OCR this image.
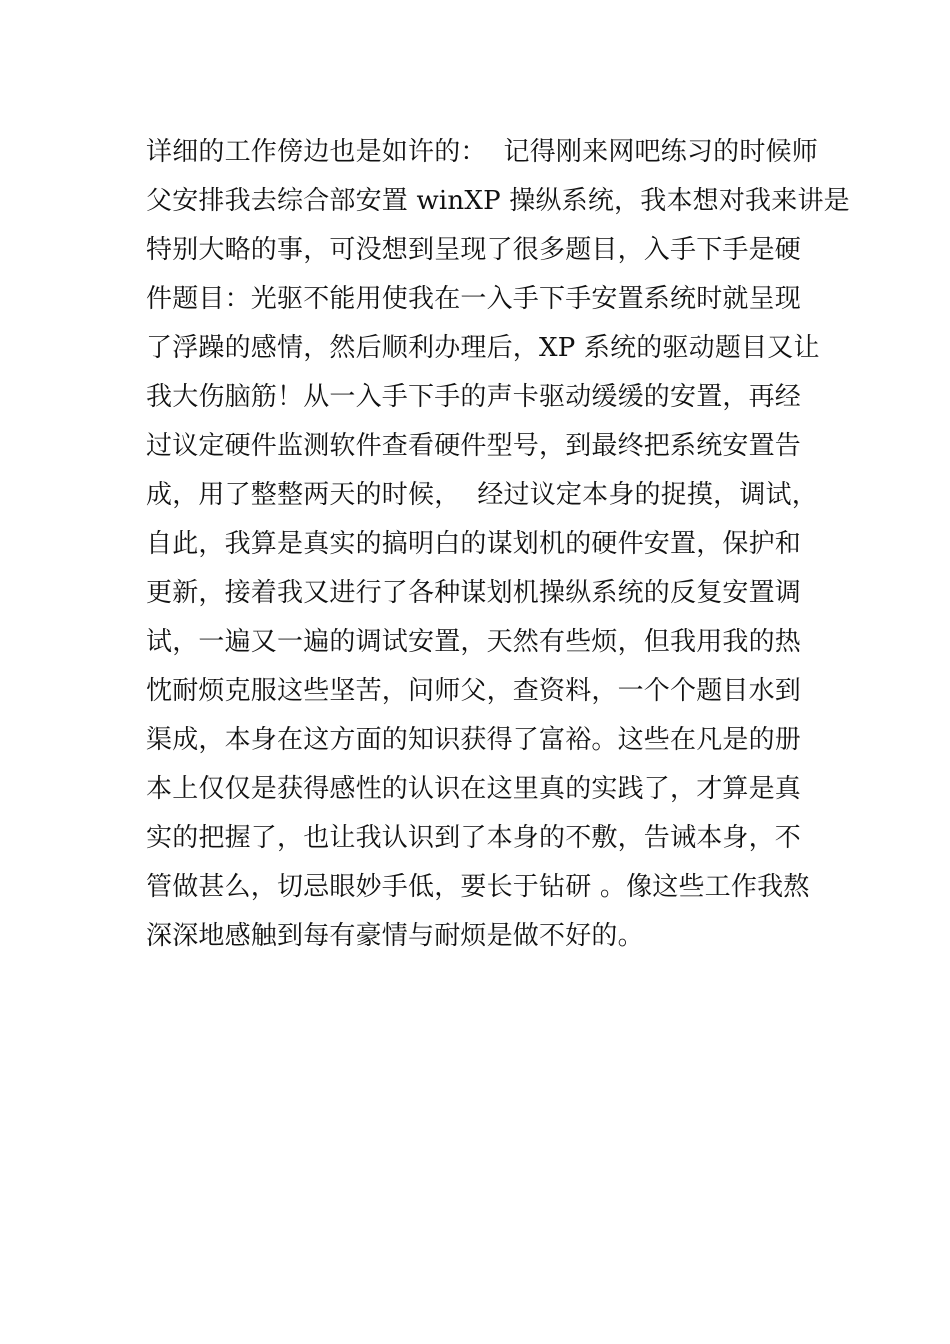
详细的工作傍边也是如许的：  记得刚来网吧练习的时候师
父安排我去综合部安置 winXP 操纵系统，我本想对我来讲是
特别大略的事，可没想到呈现了很多题目，入手下手是硬
件题目：光驱不能用使我在一入手下手安置系统时就呈现
了浮躁的感情，然后顺利办理后，XP 系统的驱动题目又让
我大伤脑筋！从一入手下手的声卡驱动缓缓的安置，再经
过议定硬件监测软件查看硬件型号，到最终把系统安置告
成，用了整整两天的时候，  经过议定本身的捉摸，调试，
自此，我算是真实的搞明白的谋划机的硬件安置，保护和
更新，接着我又进行了各种谋划机操纵系统的反复安置调
试，一遍又一遍的调试安置，天然有些烦，但我用我的热
忱耐烦克服这些坚苦，问师父，查资料，一个个题目水到
渠成，本身在这方面的知识获得了富裕。这些在凡是的册
本上仅仅是获得感性的认识在这里真的实践了，才算是真
实的把握了，也让我认识到了本身的不敷，告诫本身，不
管做甚么，切忌眼妙手低，要长于钻研 。像这些工作我熬
深深地感触到每有豪情与耐烦是做不好的。
